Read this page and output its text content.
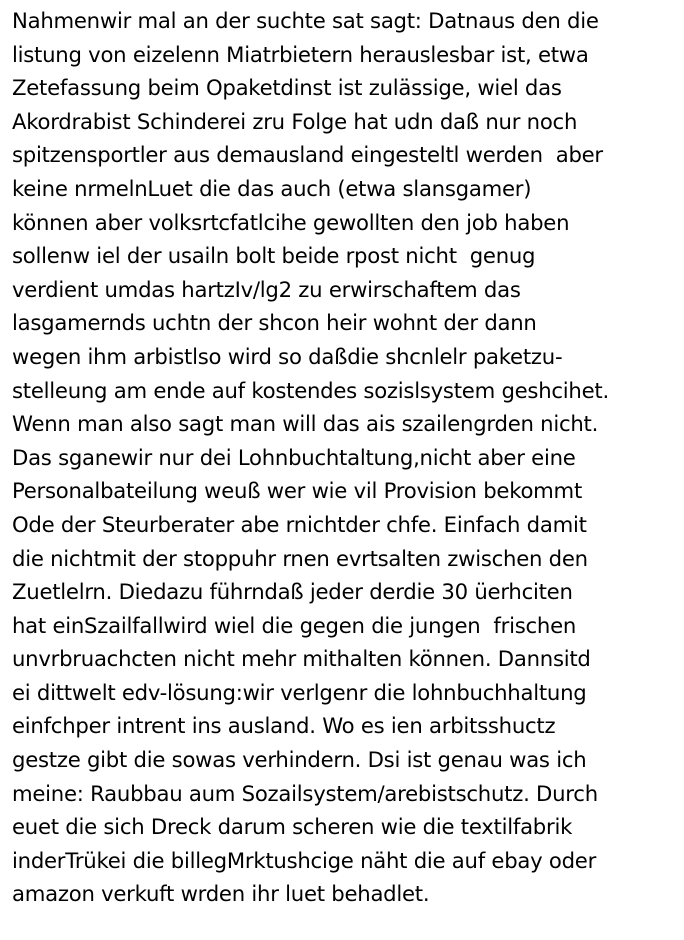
Nahmenwir mal an der suchte sat sagt: Datnaus den die
listung von eizelenn Miatrbietern herauslesbar ist, etwa
Zetefassung beim Opaketdinst ist zulässige, wiel das
Akordrabist Schinderei zru Folge hat udn daß nur noch
spitzensportler aus demausland eingesteltl werden  aber
keine nrmelnLuet die das auch (etwa slansgamer)
können aber volksrtcfatlcihe gewollten den job haben
sollenw iel der usailn bolt beide rpost nicht  genug
verdient umdas hartzIv/lg2 zu erwirschaftem das
lasgamernds uchtn der shcon heir wohnt der dann
wegen ihm arbistlso wird so daßdie shcnlelr paketzu-
stelleung am ende auf kostendes sozislsystem geshcihet.
Wenn man also sagt man will das ais szailengrden nicht.
Das sganewir nur dei Lohnbuchtaltung,nicht aber eine
Personalbateilung weuß wer wie vil Provision bekommt
Ode der Steurberater abe rnichtder chfe. Einfach damit
die nichtmit der stoppuhr rnen evrtsalten zwischen den
Zuetlelrn. Diedazu führndaß jeder derdie 30 üerhciten
hat einSzailfallwird wiel die gegen die jungen  frischen
unvrbruachcten nicht mehr mithalten können. Dannsitd
ei dittwelt edv-lösung:wir verlgenr die lohnbuchhaltung
einfchper intrent ins ausland. Wo es ien arbitsshuctz
gestze gibt die sowas verhindern. Dsi ist genau was ich
meine: Raubbau aum Sozailsystem/arebistschutz. Durch
euet die sich Dreck darum scheren wie die textilfabrik
inderTrükei die billegMrktushcige näht die auf ebay oder
amazon verkuft wrden ihr luet behadlet.
